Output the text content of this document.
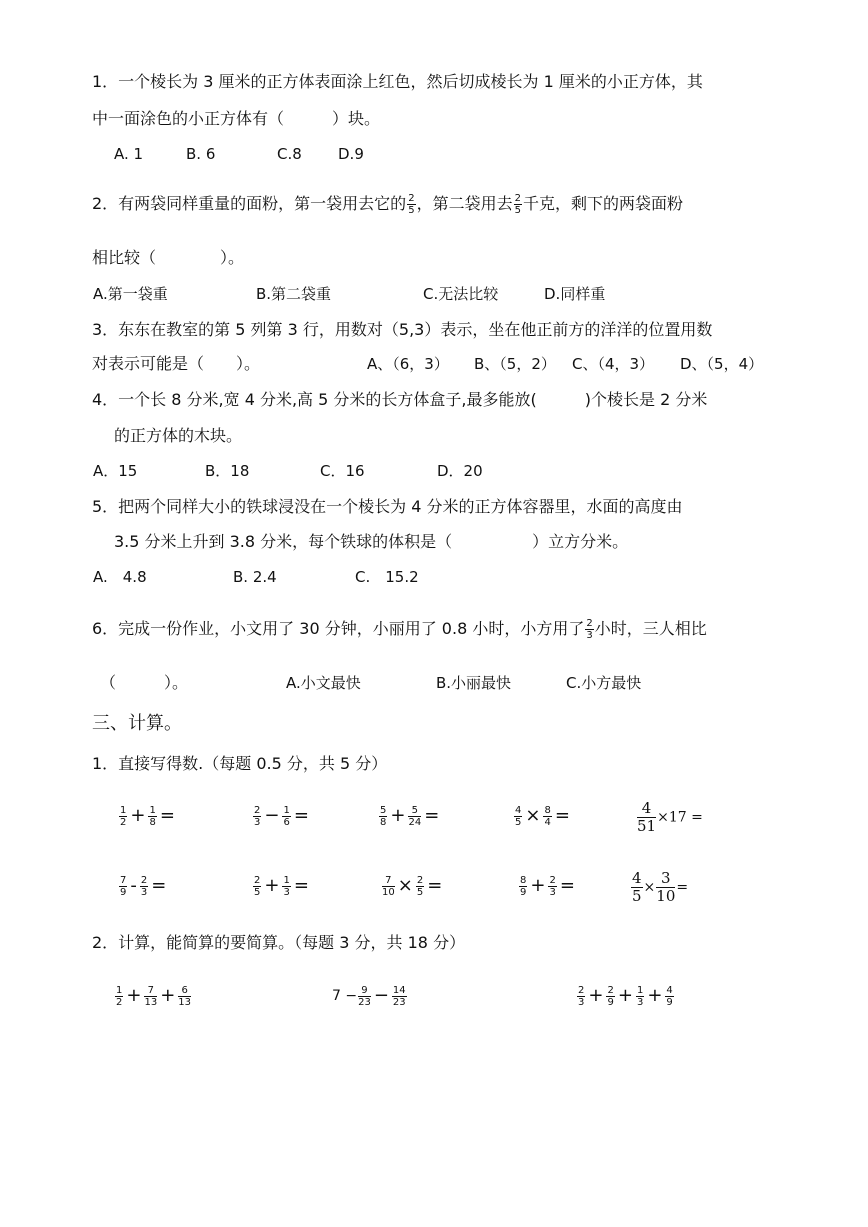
1．一个棱长为 3 厘米的正方体表面涂上红色，然后切成棱长为 1 厘米的小正方体，其
中一面涂色的小正方体有（　　　）块。
A. 1	B. 6	C.8 D.9
2．有两袋同样重量的面粉，第一袋用去它的 $\frac{2}{5}$ ，第二袋用去 $\frac{2}{5}$ 千克，剩下的两袋面粉
相比较（　　　　）。
A.第一袋重	B.第二袋重	C.无法比较	D.同样重
3．东东在教室的第 5 列第 3 行，用数对（5,3）表示，坐在他正前方的洋洋的位置用数
对表示可能是（　　）。	A、（6，3） B、（5，2） C、（4，3） D、（5，4）
4．一个长 8 分米,宽 4 分米,高 5 分米的长方体盒子,最多能放(　　　)个棱长是 2 分米
的正方体的木块。
A．15	B．18	C．16	D．20
5．把两个同样大小的铁球浸没在一个棱长为 4 分米的正方体容器里，水面的高度由
3.5 分米上升到 3.8 分米，每个铁球的体积是（　　　　　）立方分米。
A.　4.8	B. 2.4	C.　15.2
6．完成一份作业，小文用了 30 分钟，小丽用了 0.8 小时，小方用了 $\frac{2}{3}$ 小时，三人相比
（　　　）。	A.小文最快	B.小丽最快	C.小方最快
三、计算。
1．直接写得数.（每题 0.5 分，共 5 分）
$\frac{1}{2} + \frac{1}{8}$ =	$\frac{2}{3} - \frac{1}{6}$ =	$\frac{5}{8} + \frac{5}{24}$ =	$\frac{4}{5} \times \frac{8}{4}$ =	$\frac{4}{51} \times 17$ =
$\frac{7}{9} - \frac{2}{3}$ =	$\frac{2}{5} + \frac{1}{3}$ =	$\frac{7}{10} \times \frac{2}{5}$ =	$\frac{8}{9} + \frac{2}{3}$ =	$\frac{4}{5} \times \frac{3}{10}$ =
2．计算，能简算的要简算。（每题 3 分，共 18 分）
$\frac{1}{2} + \frac{7}{13} + \frac{6}{13}$	$7 - \frac{9}{23} - \frac{14}{23}$	$\frac{2}{3} + \frac{2}{9} + \frac{1}{3} + \frac{4}{9}$
